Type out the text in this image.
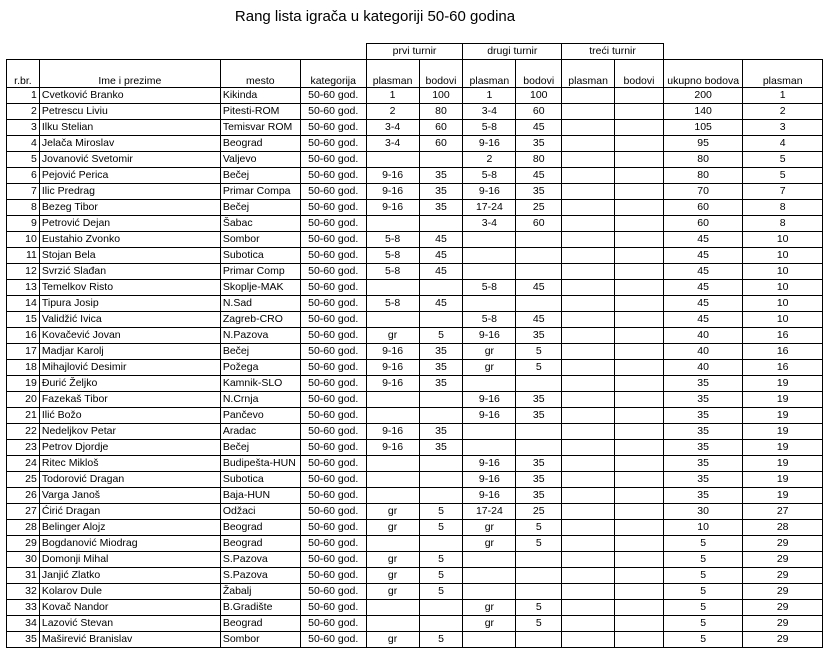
Rang lista igrača u kategoriji 50-60 godina
				prvi turnir		drugi turnir		treći turnir			
r.br.	Ime i prezime	mesto	kategorija	plasman	bodovi	plasman	bodovi	plasman	bodovi	ukupno bodova	plasman
1	Cvetković Branko	Kikinda	50-60 god.	1	100	1	100			200	1
2	Petrescu Liviu	Pitesti-ROM	50-60 god.	2	80	3-4	60			140	2
3	Ilku Stelian	Temisvar ROM	50-60 god.	3-4	60	5-8	45			105	3
4	Jelača Miroslav	Beograd	50-60 god.	3-4	60	9-16	35			95	4
5	Jovanović Svetomir	Valjevo	50-60 god.			2	80			80	5
6	Pejović Perica	Bečej	50-60 god.	9-16	35	5-8	45			80	5
7	Ilic Predrag	Primar Compa	50-60 god.	9-16	35	9-16	35			70	7
8	Bezeg Tibor	Bečej	50-60 god.	9-16	35	17-24	25			60	8
9	Petrović Dejan	Šabac	50-60 god.			3-4	60			60	8
10	Eustahio Zvonko	Sombor	50-60 god.	5-8	45					45	10
11	Stojan Bela	Subotica	50-60 god.	5-8	45					45	10
12	Svrzić Slađan	Primar Comp	50-60 god.	5-8	45					45	10
13	Temelkov Risto	Skoplje-MAK	50-60 god.			5-8	45			45	10
14	Tipura Josip	N.Sad	50-60 god.	5-8	45					45	10
15	Validžić Ivica	Zagreb-CRO	50-60 god.			5-8	45			45	10
16	Kovačević Jovan	N.Pazova	50-60 god.	gr	5	9-16	35			40	16
17	Madjar Karolj	Bečej	50-60 god.	9-16	35	gr	5			40	16
18	Mihajlović Desimir	Požega	50-60 god.	9-16	35	gr	5			40	16
19	Đurić Željko	Kamnik-SLO	50-60 god.	9-16	35					35	19
20	Fazekaš Tibor	N.Crnja	50-60 god.			9-16	35			35	19
21	Ilić Božo	Pančevo	50-60 god.			9-16	35			35	19
22	Nedeljkov Petar	Aradac	50-60 god.	9-16	35					35	19
23	Petrov Djordje	Bečej	50-60 god.	9-16	35					35	19
24	Ritec Mikloš	Budipešta-HUN	50-60 god.			9-16	35			35	19
25	Todorović Dragan	Subotica	50-60 god.			9-16	35			35	19
26	Varga Janoš	Baja-HUN	50-60 god.			9-16	35			35	19
27	Ćirić Dragan	Odžaci	50-60 god.	gr	5	17-24	25			30	27
28	Belinger Alojz	Beograd	50-60 god.	gr	5	gr	5			10	28
29	Bogdanović Miodrag	Beograd	50-60 god.			gr	5			5	29
30	Domonji Mihal	S.Pazova	50-60 god.	gr	5					5	29
31	Janjić Zlatko	S.Pazova	50-60 god.	gr	5					5	29
32	Kolarov Dule	Žabalj	50-60 god.	gr	5					5	29
33	Kovač Nandor	B.Gradište	50-60 god.			gr	5			5	29
34	Lazović Stevan	Beograd	50-60 god.			gr	5			5	29
35	Maširević Branislav	Sombor	50-60 god.	gr	5					5	29
